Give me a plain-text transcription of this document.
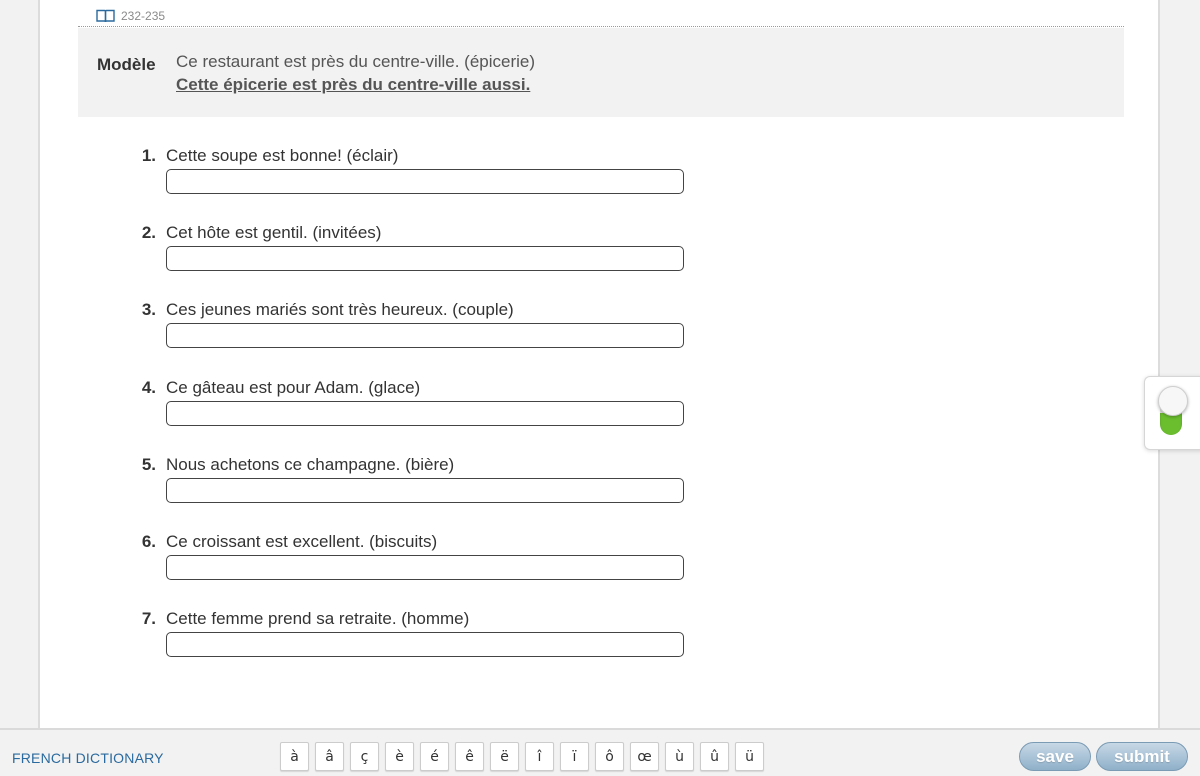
232-235
Modèle Ce restaurant est près du centre-ville. (épicerie)
Cette épicerie est près du centre-ville aussi.
1. Cette soupe est bonne! (éclair)
2. Cet hôte est gentil. (invitées)
3. Ces jeunes mariés sont très heureux. (couple)
4. Ce gâteau est pour Adam. (glace)
5. Nous achetons ce champagne. (bière)
6. Ce croissant est excellent. (biscuits)
7. Cette femme prend sa retraite. (homme)
FRENCH DICTIONARY	à	â	ç	è	é	ê	ë	î	ï	ô	œ	ù	û	ü	save	submit
